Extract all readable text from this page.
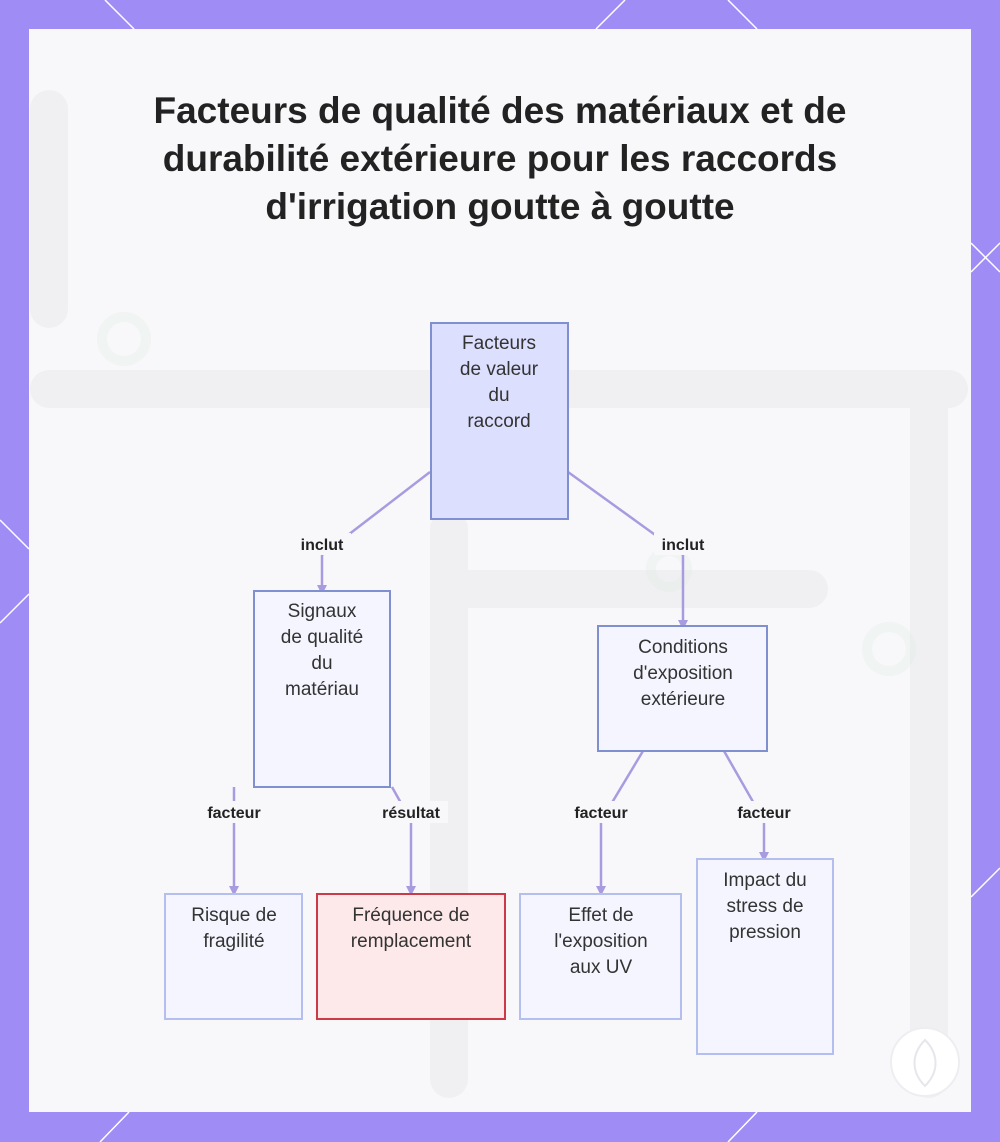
Facteurs de qualité des matériaux et de durabilité extérieure pour les raccords d'irrigation goutte à goutte
inclut	inclut
facteur	résultat	facteur	facteur
Facteurs
de valeur
du
raccord
Signaux
de qualité
du
matériau
Conditions
d'exposition
extérieure
Risque de
fragilité
Fréquence de
remplacement
Effet de
l'exposition
aux UV
Impact du
stress de
pression
